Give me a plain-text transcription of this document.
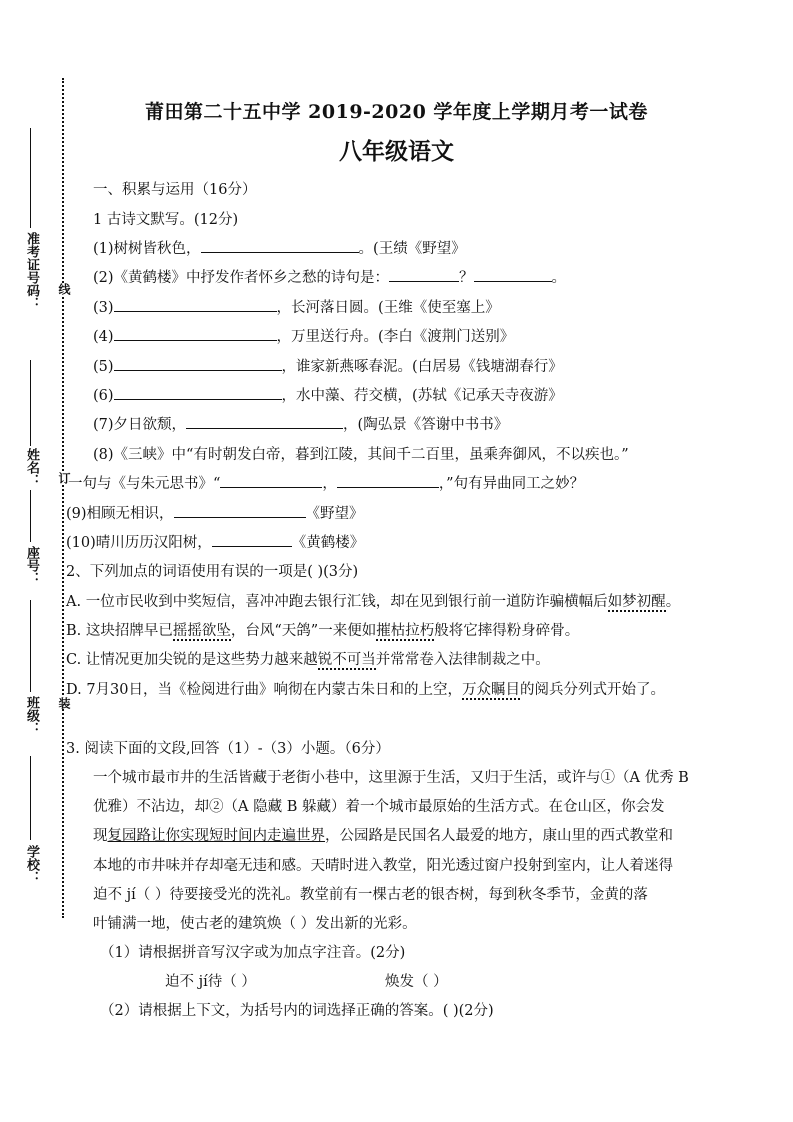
准考证号码：
姓名：
座号：
班级：
学校：
线
订
装
莆田第二十五中学 2019-2020 学年度上学期月考一试卷
八年级语文
一、积累与运用（16分）
1 古诗文默写。(12分)
(1)树树皆秋色，	。(王绩《野望》
(2)《黄鹤楼》中抒发作者怀乡之愁的诗句是：	？	。
(3)	，长河落日圆。(王维《使至塞上》
(4)	，万里送行舟。(李白《渡荆门送别》
(5)	，谁家新燕啄春泥。(白居易《钱塘湖春行》
(6)	，水中藻、荇交横，(苏轼《记承天寺夜游》
(7)夕日欲颓，	，(陶弘景《答谢中书书》
(8)《三峡》中“有时朝发白帝，暮到江陵，其间千二百里，虽乘奔御风，不以疾也。”
一句与《与朱元思书》“	，	，”句有异曲同工之妙？
(9)相顾无相识，	《野望》
(10)晴川历历汉阳树，	《黄鹤楼》
2、下列加点的词语使用有误的一项是( )(3分)
A. 一位市民收到中奖短信，喜冲冲跑去银行汇钱，却在见到银行前一道防诈骗横幅后如梦初醒。
B. 这块招牌早已摇摇欲坠，台风“天鸽”一来便如摧枯拉朽般将它摔得粉身碎骨。
C. 让情况更加尖锐的是这些势力越来越锐不可当并常常卷入法律制裁之中。
D. 7月30日，当《检阅进行曲》响彻在内蒙古朱日和的上空，万众瞩目的阅兵分列式开始了。
3. 阅读下面的文段,回答（1）-（3）小题。（6分）
一个城市最市井的生活皆藏于老街小巷中，这里源于生活，又归于生活，或许与①（A 优秀 B
优雅）不沾边，却②（A 隐藏 B 躲藏）着一个城市最原始的生活方式。在仓山区，你会发
现复园路让你实现短时间内走遍世界，公园路是民国名人最爱的地方，康山里的西式教堂和
本地的市井味并存却毫无违和感。天晴时进入教堂，阳光透过窗户投射到室内，让人着迷得
迫不 jí（ ）待要接受光的洗礼。教堂前有一棵古老的银杏树，每到秋冬季节，金黄的落
叶铺满一地，使古老的建筑焕（ ）发出新的光彩。
（1）请根据拼音写汉字或为加点字注音。(2分)
迫不 jí待（ ）	焕发（ ）
（2）请根据上下文，为括号内的词选择正确的答案。( )(2分)
